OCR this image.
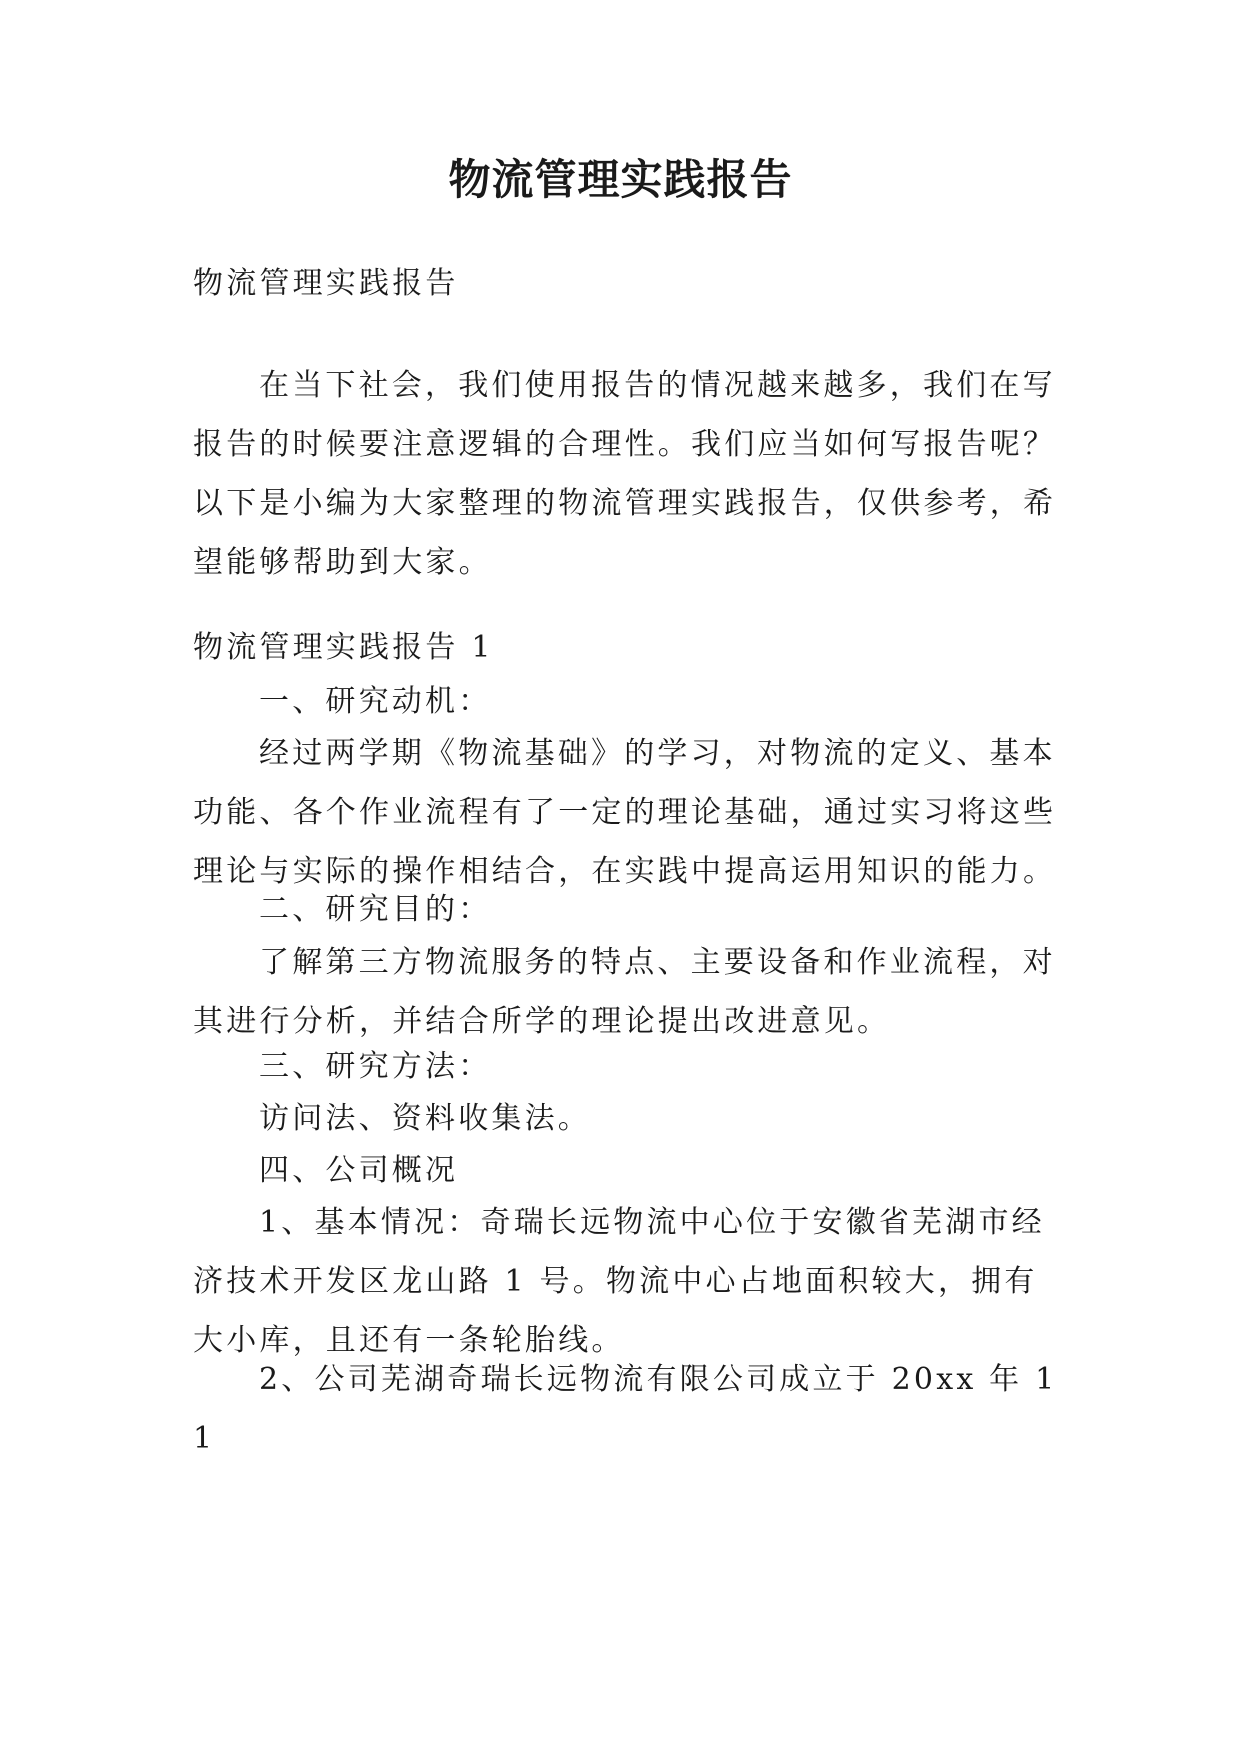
物流管理实践报告

物流管理实践报告

在当下社会，我们使用报告的情况越来越多，我们在写报告的时候要注意逻辑的合理性。我们应当如何写报告呢？以下是小编为大家整理的物流管理实践报告，仅供参考，希望能够帮助到大家。

物流管理实践报告 1

一、研究动机：

经过两学期《物流基础》的学习，对物流的定义、基本功能、各个作业流程有了一定的理论基础，通过实习将这些理论与实际的操作相结合，在实践中提高运用知识的能力。

二、研究目的：

了解第三方物流服务的特点、主要设备和作业流程，对其进行分析，并结合所学的理论提出改进意见。

三、研究方法：

访问法、资料收集法。

四、公司概况

1、基本情况：奇瑞长远物流中心位于安徽省芜湖市经济技术开发区龙山路 1 号。物流中心占地面积较大，拥有大小库，且还有一条轮胎线。

2、公司芜湖奇瑞长远物流有限公司成立于 20xx 年 11
